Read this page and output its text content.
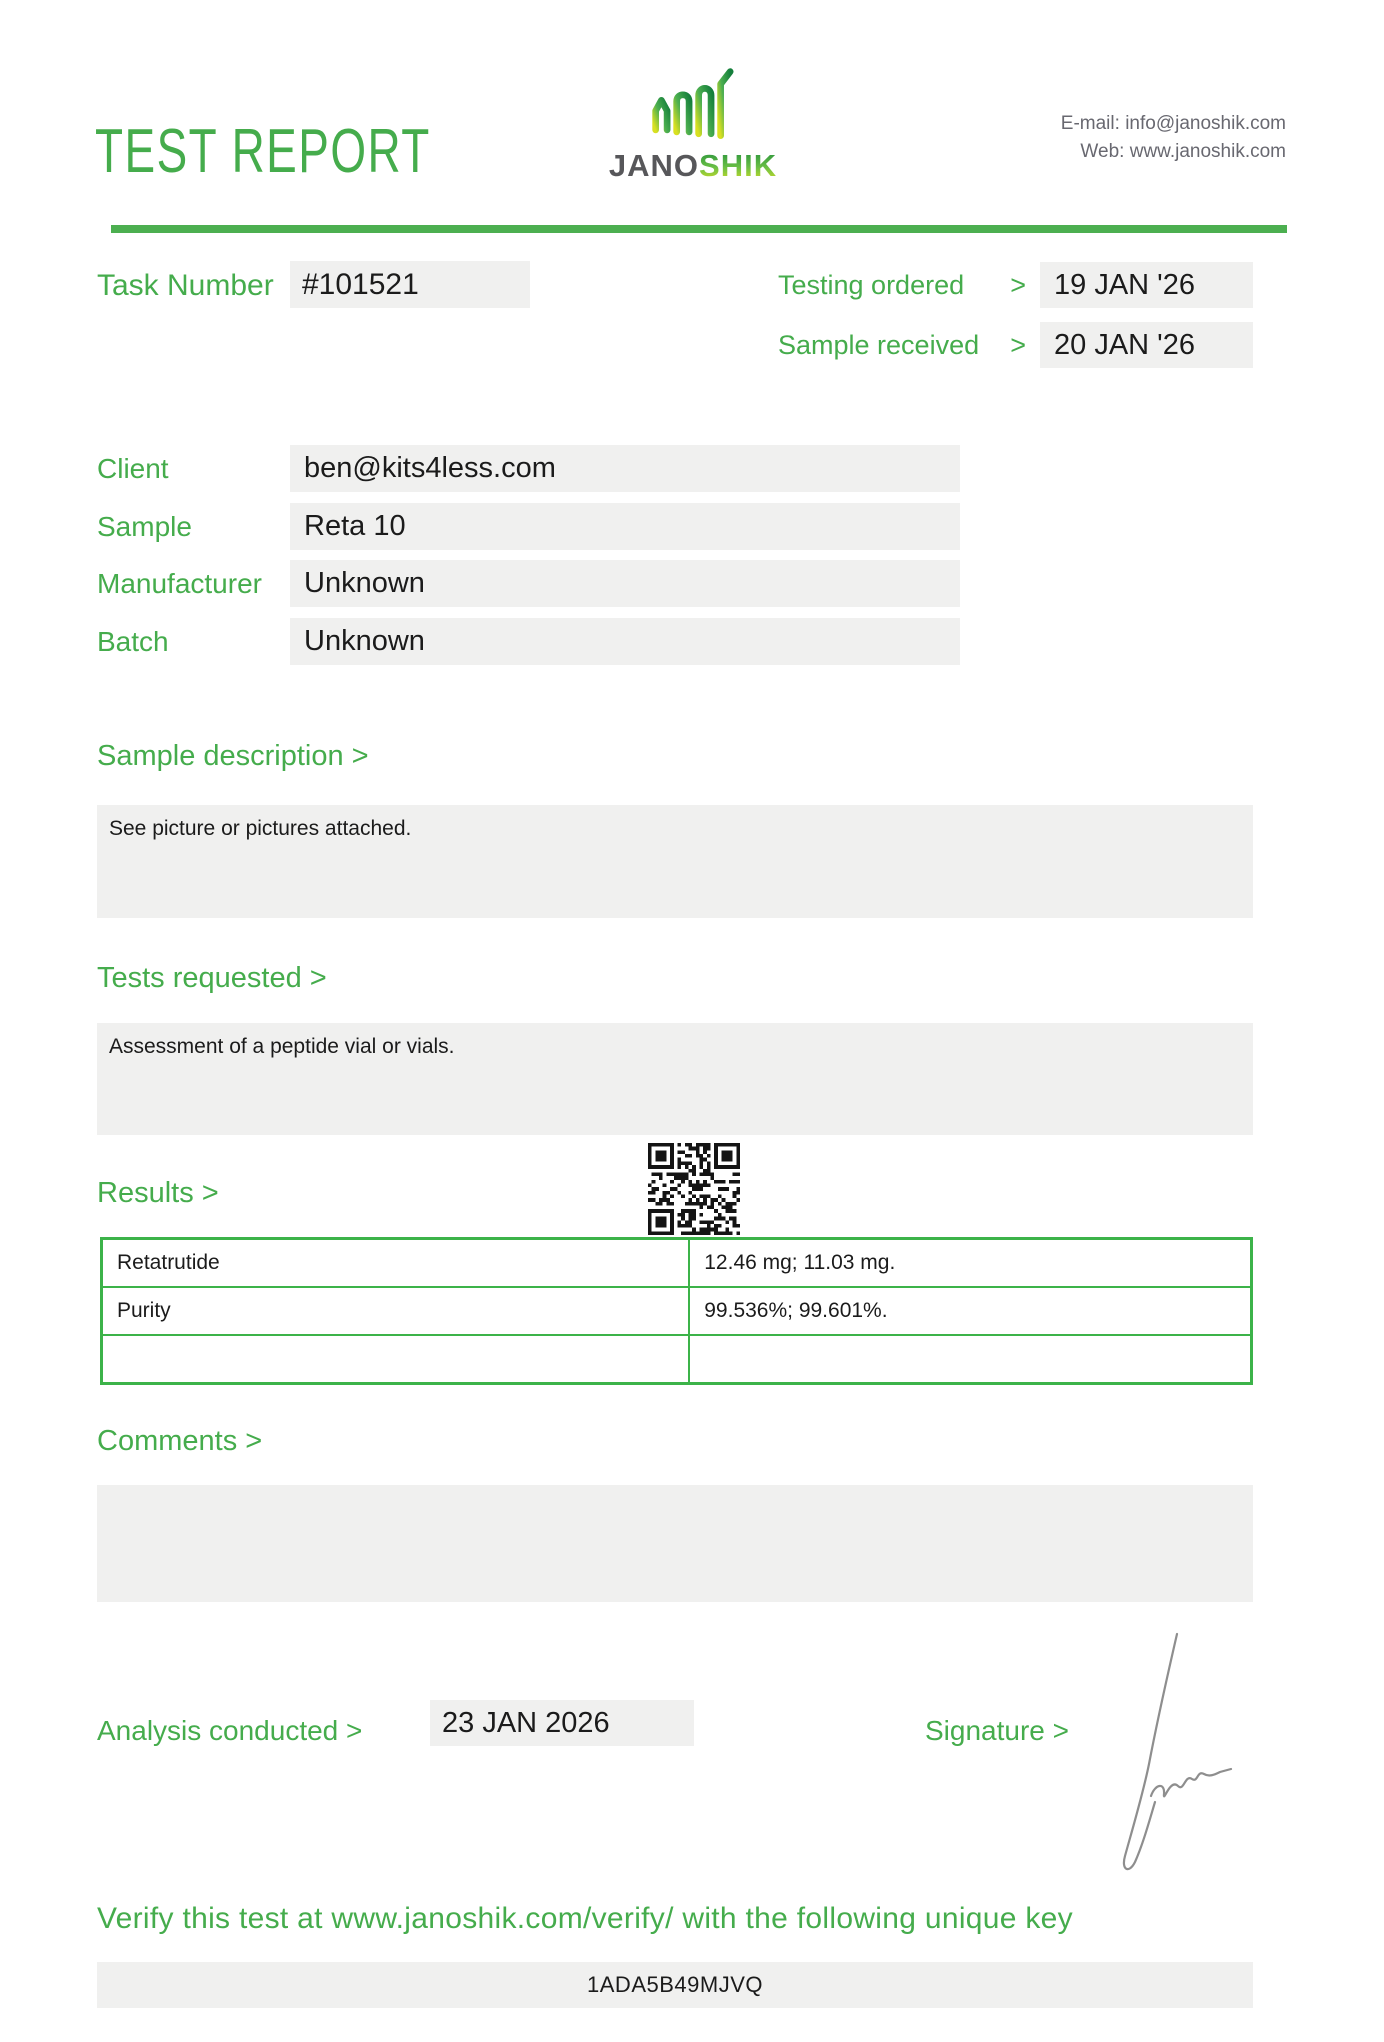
TEST REPORT	JANOSHIK
E-mail: info@janoshik.com
Web: www.janoshik.com
Task Number #101521	Testing ordered > 19 JAN '26
Sample received > 20 JAN '26
Client	ben@kits4less.com
Sample	Reta 10
Manufacturer	Unknown
Batch	Unknown
Sample description >
See picture or pictures attached.
Tests requested >
Assessment of a peptide vial or vials.
Results >
Retatrutide	12.46 mg; 11.03 mg.
Purity	99.536%; 99.601%.
Comments >
Analysis conducted >	23 JAN 2026	Signature >
Verify this test at www.janoshik.com/verify/ with the following unique key
1ADA5B49MJVQ
